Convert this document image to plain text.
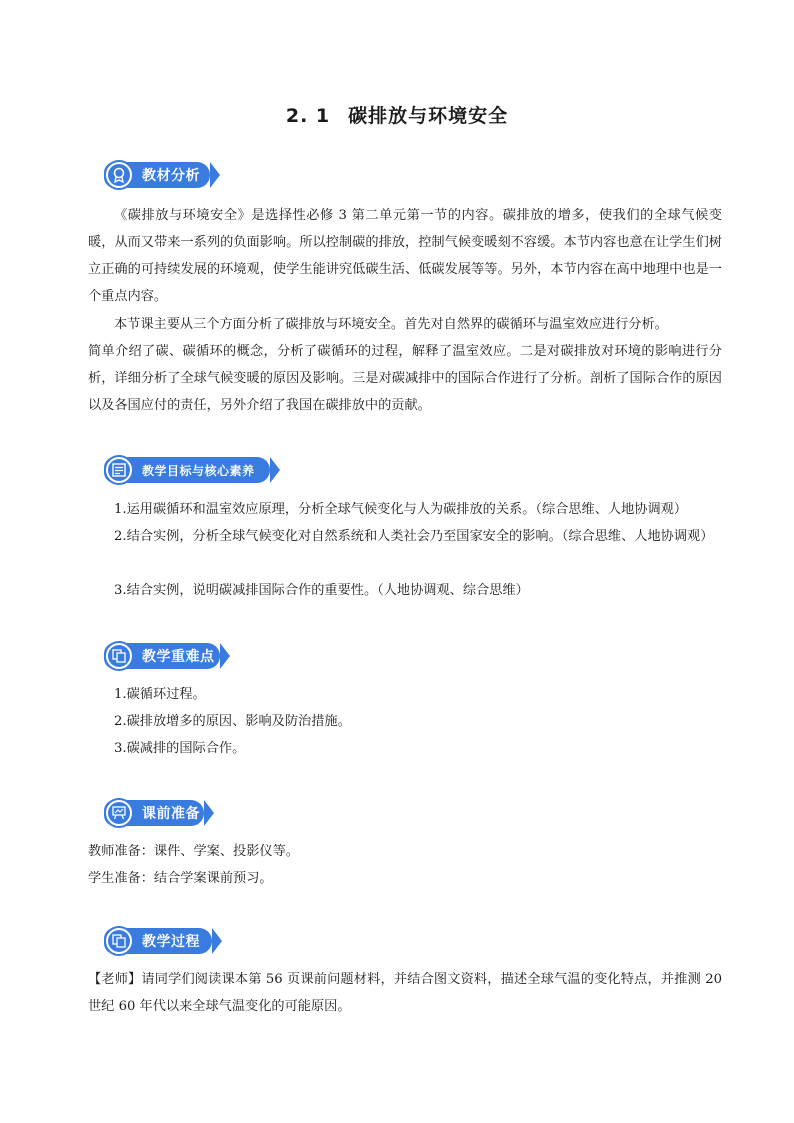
2. 1 碳排放与环境安全
教材分析

《碳排放与环境安全》是选择性必修 3 第二单元第一节的内容。碳排放的增多，使我们的全球气候变暖，从而又带来一系列的负面影响。所以控制碳的排放，控制气候变暖刻不容缓。本节内容也意在让学生们树立正确的可持续发展的环境观，使学生能讲究低碳生活、低碳发展等等。另外，本节内容在高中地理中也是一个重点内容。

本节课主要从三个方面分析了碳排放与环境安全。首先对自然界的碳循环与温室效应进行分析。

简单介绍了碳、碳循环的概念，分析了碳循环的过程，解释了温室效应。二是对碳排放对环境的影响进行分析，详细分析了全球气候变暖的原因及影响。三是对碳减排中的国际合作进行了分析。剖析了国际合作的原因以及各国应付的责任，另外介绍了我国在碳排放中的贡献。

教学目标与核心素养

1.运用碳循环和温室效应原理，分析全球气候变化与人为碳排放的关系。（综合思维、人地协调观）

2.结合实例，分析全球气候变化对自然系统和人类社会乃至国家安全的影响。（综合思维、人地协调观）

3.结合实例，说明碳减排国际合作的重要性。（人地协调观、综合思维）

教学重难点

1.碳循环过程。

2.碳排放增多的原因、影响及防治措施。

3.碳减排的国际合作。

课前准备

教师准备：课件、学案、投影仪等。

学生准备：结合学案课前预习。

教学过程

【老师】请同学们阅读课本第 56 页课前问题材料，并结合图文资料，描述全球气温的变化特点，并推测 20 世纪 60 年代以来全球气温变化的可能原因。
